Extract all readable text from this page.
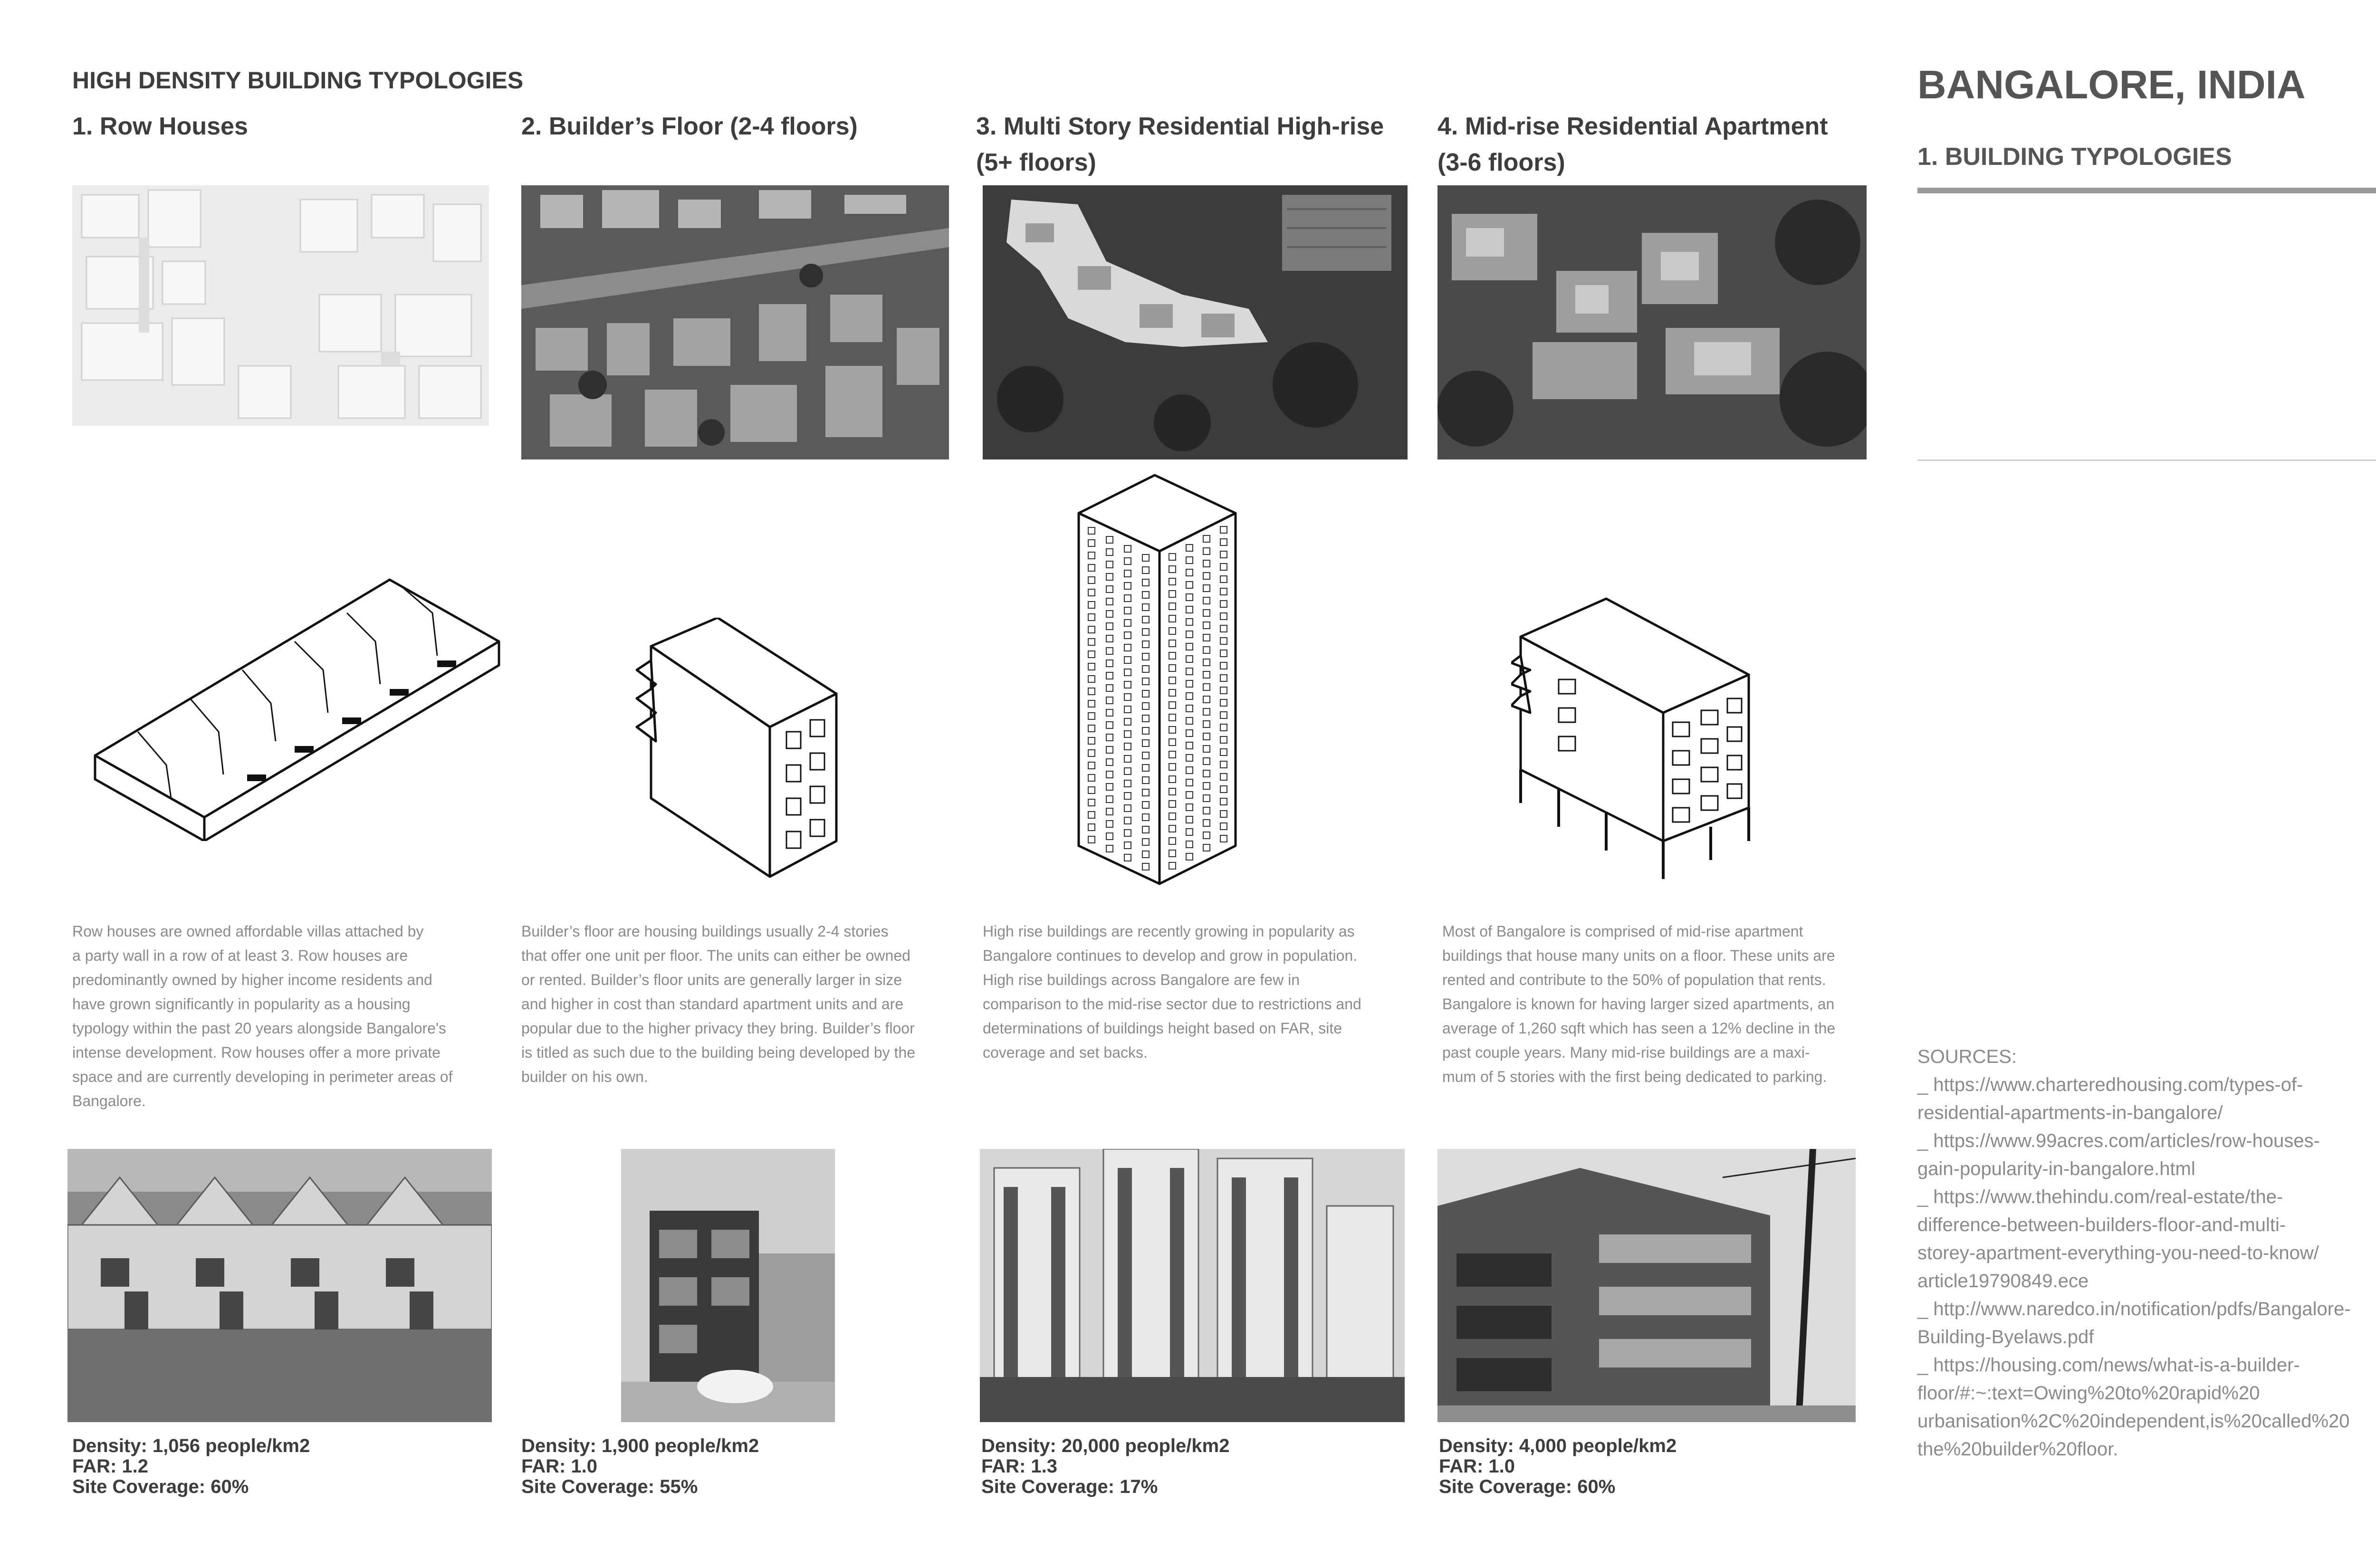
HIGH DENSITY BUILDING TYPOLOGIES
1. Row Houses	2. Builder’s Floor (2-4 floors)	3. Multi Story Residential High-rise
(5+ floors)
4. Mid-rise Residential Apartment
(3-6 floors)
Row houses are owned affordable villas attached by
a party wall in a row of at least 3. Row houses are
predominantly owned by higher income residents and
have grown significantly in popularity as a housing
typology within the past 20 years alongside Bangalore's
intense development. Row houses offer a more private
space and are currently developing in perimeter areas of
Bangalore.
Builder’s floor are housing buildings usually 2-4 stories
that offer one unit per floor. The units can either be owned
or rented. Builder’s floor units are generally larger in size
and higher in cost than standard apartment units and are
popular due to the higher privacy they bring. Builder’s floor
is titled as such due to the building being developed by the
builder on his own.
High rise buildings are recently growing in popularity as
Bangalore continues to develop and grow in population.
High rise buildings across Bangalore are few in
comparison to the mid-rise sector due to restrictions and
determinations of buildings height based on FAR, site
coverage and set backs.
Most of Bangalore is comprised of mid-rise apartment
buildings that house many units on a floor. These units are
rented and contribute to the 50% of population that rents.
Bangalore is known for having larger sized apartments, an
average of 1,260 sqft which has seen a 12% decline in the
past couple years. Many mid-rise buildings are a maxi-
mum of 5 stories with the first being dedicated to parking.
Density: 1,056 people/km2
FAR: 1.2
Site Coverage: 60%
Density: 1,900 people/km2
FAR: 1.0
Site Coverage: 55%
Density: 20,000 people/km2
FAR: 1.3
Site Coverage: 17%
Density: 4,000 people/km2
FAR: 1.0
Site Coverage: 60%
BANGALORE, INDIA
1. BUILDING TYPOLOGIES
SOURCES:
_ https://www.charteredhousing.com/types-of-
residential-apartments-in-bangalore/
_ https://www.99acres.com/articles/row-houses-
gain-popularity-in-bangalore.html
_ https://www.thehindu.com/real-estate/the-
difference-between-builders-floor-and-multi-
storey-apartment-everything-you-need-to-know/
article19790849.ece
_ http://www.naredco.in/notification/pdfs/Bangalore-
Building-Byelaws.pdf
_ https://housing.com/news/what-is-a-builder-
floor/#:~:text=Owing%20to%20rapid%20
urbanisation%2C%20independent,is%20called%20
the%20builder%20floor.
